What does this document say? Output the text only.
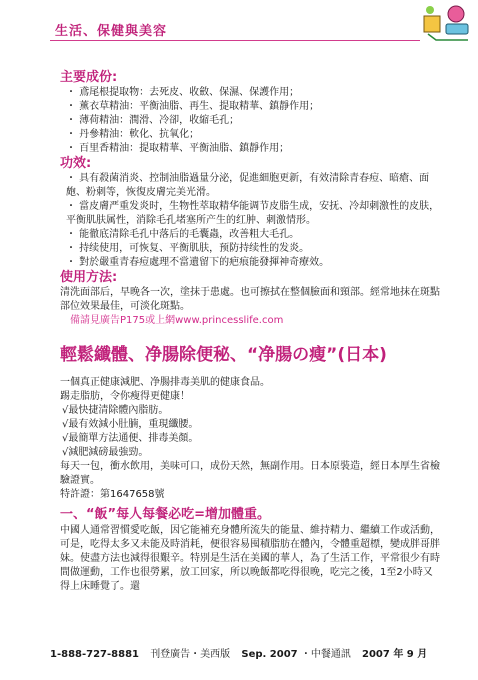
生活、保健與美容
主要成份:
・ 鳶尾根提取物：去死皮、收斂、保濕、保護作用；
・ 薰衣草精油：平衡油脂、再生、提取精華、鎮靜作用；
・ 薄荷精油：潤滑、冷卻，收縮毛孔；
・ 丹參精油：軟化、抗氧化；
・ 百里香精油：提取精華、平衡油脂、鎮靜作用；
功效:
・ 具有殺菌消炎、控制油脂過量分泌，促進細胞更新，有效清除青春痘、暗瘡、面皰、粉刺等，恢復皮膚完美光滑。
・ 當皮膚严重发炎时，生物性萃取精华能调节皮脂生成，安抚、冷却刺激性的皮肤，平衡肌肤属性，消除毛孔堵塞所产生的红肿、刺激情形。
・ 能徹底清除毛孔中落后的毛囊蟲，改善粗大毛孔。
・ 持续使用，可恢复、平衡肌肤，预防持续性的发炎。
・ 對於嚴重青春痘處理不當遺留下的疤痕能發揮神奇療效。
使用方法:
清洗面部后，早晚各一次，塗抹于患處。也可擦拭在整個臉面和頸部。經常地抹在斑點部位效果最佳，可淡化斑點。
備請見廣告P175或上網www.princesslife.com
輕鬆纖體、净腸除便秘、“净腸の瘦”(日本)
一個真正健康減肥、净腸排毒美肌的健康食品。
踢走脂肪，令你瘦得更健康！
√最快捷清除體內脂肪。
√最有效減小肚腩，重現纖腰。
√最簡單方法通便、排毒美顏。
√減肥減磅最強勁。
每天一包，衝水飲用，美味可口，成份天然，無副作用。日本原裝造，經日本厚生省檢驗證實。
特許證：第1647658號
一、“飯”每人每餐必吃=增加體重。
中國人通常習慣愛吃飯，因它能補充身體所流失的能量、維持精力、繼續工作或活動，可是，吃得太多又未能及時消耗，便很容易囤積脂肪在體內，令體重超標，變成胖哥胖妹。使盡方法也減得很艱辛。特別是生活在美國的華人，為了生活工作，平常很少有時間做運動，工作也很勞累，放工回家，所以晚飯都吃得很晚，吃完之後，1至2小時又得上床睡覺了。還
1-888-727-8881 刊登廣告・美西版 Sep. 2007 ・中餐通訊 2007 年 9 月
